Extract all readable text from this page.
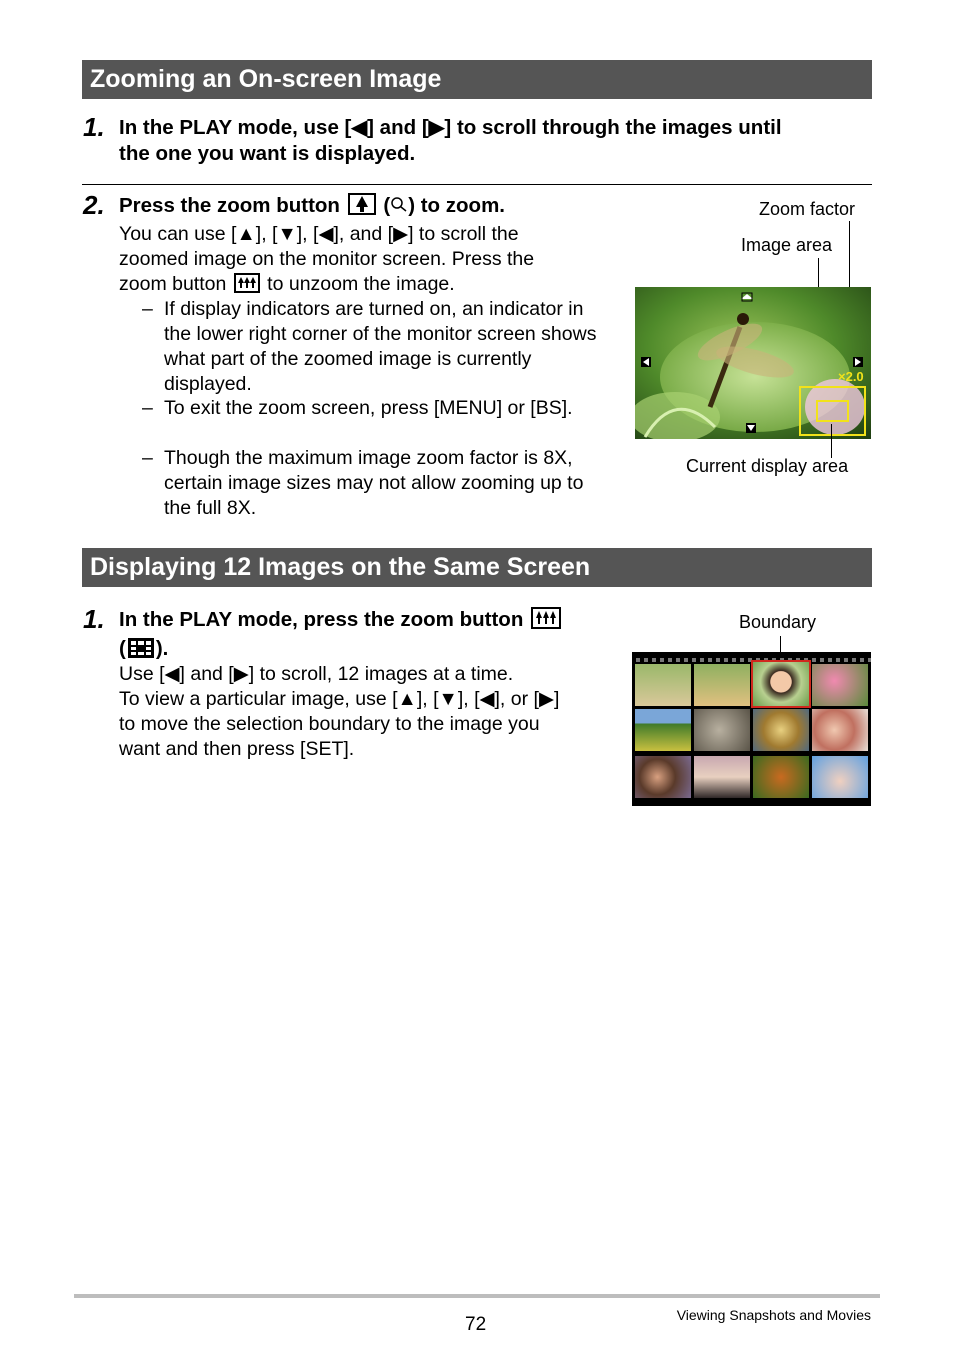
Zooming an On-screen Image
1. In the PLAY mode, use [◀] and [▶] to scroll through the images until
the one you want is displayed.
2. Press the zoom button ( ) to zoom.
You can use [▲], [▼], [◀], and [▶] to scroll the
zoomed image on the monitor screen. Press the
zoom button to unzoom the image.
– If display indicators are turned on, an indicator in the lower right corner of the monitor screen shows what part of the zoomed image is currently displayed.
– To exit the zoom screen, press [MENU] or [BS].
– Though the maximum image zoom factor is 8X, certain image sizes may not allow zooming up to the full 8X.
Zoom factor
Image area
×2.0
Current display area
Displaying 12 Images on the Same Screen
1. In the PLAY mode, press the zoom button
( ).
Use [◀] and [▶] to scroll, 12 images at a time.
To view a particular image, use [▲], [▼], [◀], or [▶]
to move the selection boundary to the image you
want and then press [SET].
Boundary
72	Viewing Snapshots and Movies
